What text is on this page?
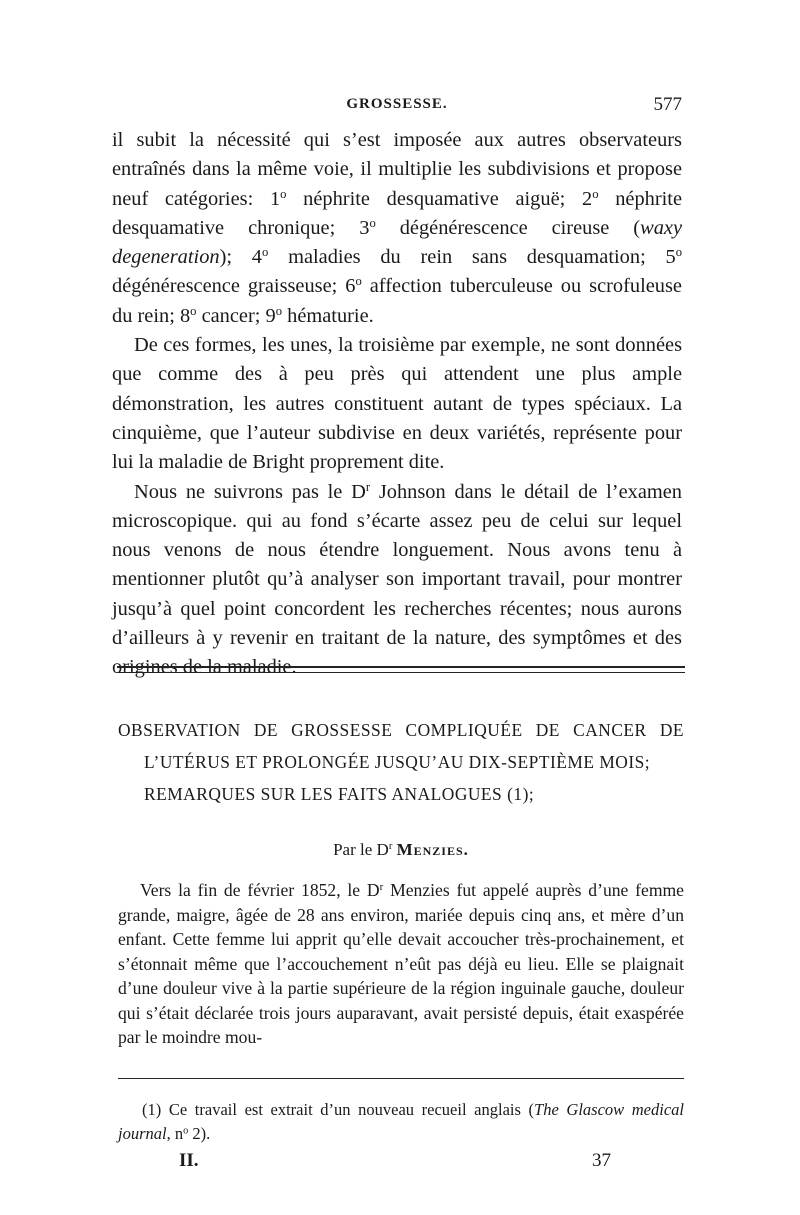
GROSSESSE.	577

il subit la nécessité qui s’est imposée aux autres observateurs entraînés dans la même voie, il multiplie les subdivisions et propose neuf catégories: 1$^o$ néphrite desquamative aiguë; 2$^o$ néphrite desquamative chronique; 3$^o$ dégénérescence cireuse (waxy degeneration); 4$^o$ maladies du rein sans desquamation; 5$^o$ dégénérescence graisseuse; 6$^o$ affection tuberculeuse ou scrofuleuse du rein; 8$^o$ cancer; 9$^o$ hématurie.

De ces formes, les unes, la troisième par exemple, ne sont données que comme des à peu près qui attendent une plus ample démonstration, les autres constituent autant de types spéciaux. La cinquième, que l’auteur subdivise en deux variétés, représente pour lui la maladie de Bright proprement dite.

Nous ne suivrons pas le $D^r$ Johnson dans le détail de l’examen microscopique. qui au fond s’écarte assez peu de celui sur lequel nous venons de nous étendre longuement. Nous avons tenu à mentionner plutôt qu’à analyser son important travail, pour montrer jusqu’à quel point concordent les recherches récentes; nous aurons d’ailleurs à y revenir en traitant de la nature, des symptômes et des origines de la maladie.

OBSERVATION DE GROSSESSE COMPLIQUÉE DE CANCER DE
L’UTÉRUS ET PROLONGÉE JUSQU’AU DIX-SEPTIÈME MOIS;
REMARQUES SUR LES FAITS ANALOGUES (1);
Par le $D^r$ Menzies.

Vers la fin de février 1852, le $D^r$ Menzies fut appelé auprès d’une femme grande, maigre, âgée de 28 ans environ, mariée depuis cinq ans, et mère d’un enfant. Cette femme lui apprit qu’elle devait accoucher très-prochainement, et s’étonnait même que l’accouchement n’eût pas déjà eu lieu. Elle se plaignait d’une douleur vive à la partie supérieure de la région inguinale gauche, douleur qui s’était déclarée trois jours auparavant, avait persisté depuis, était exaspérée par le moindre mou-

(1) Ce travail est extrait d’un nouveau recueil anglais (The Glascow medical journal, $n^o$ 2).

II.	37
